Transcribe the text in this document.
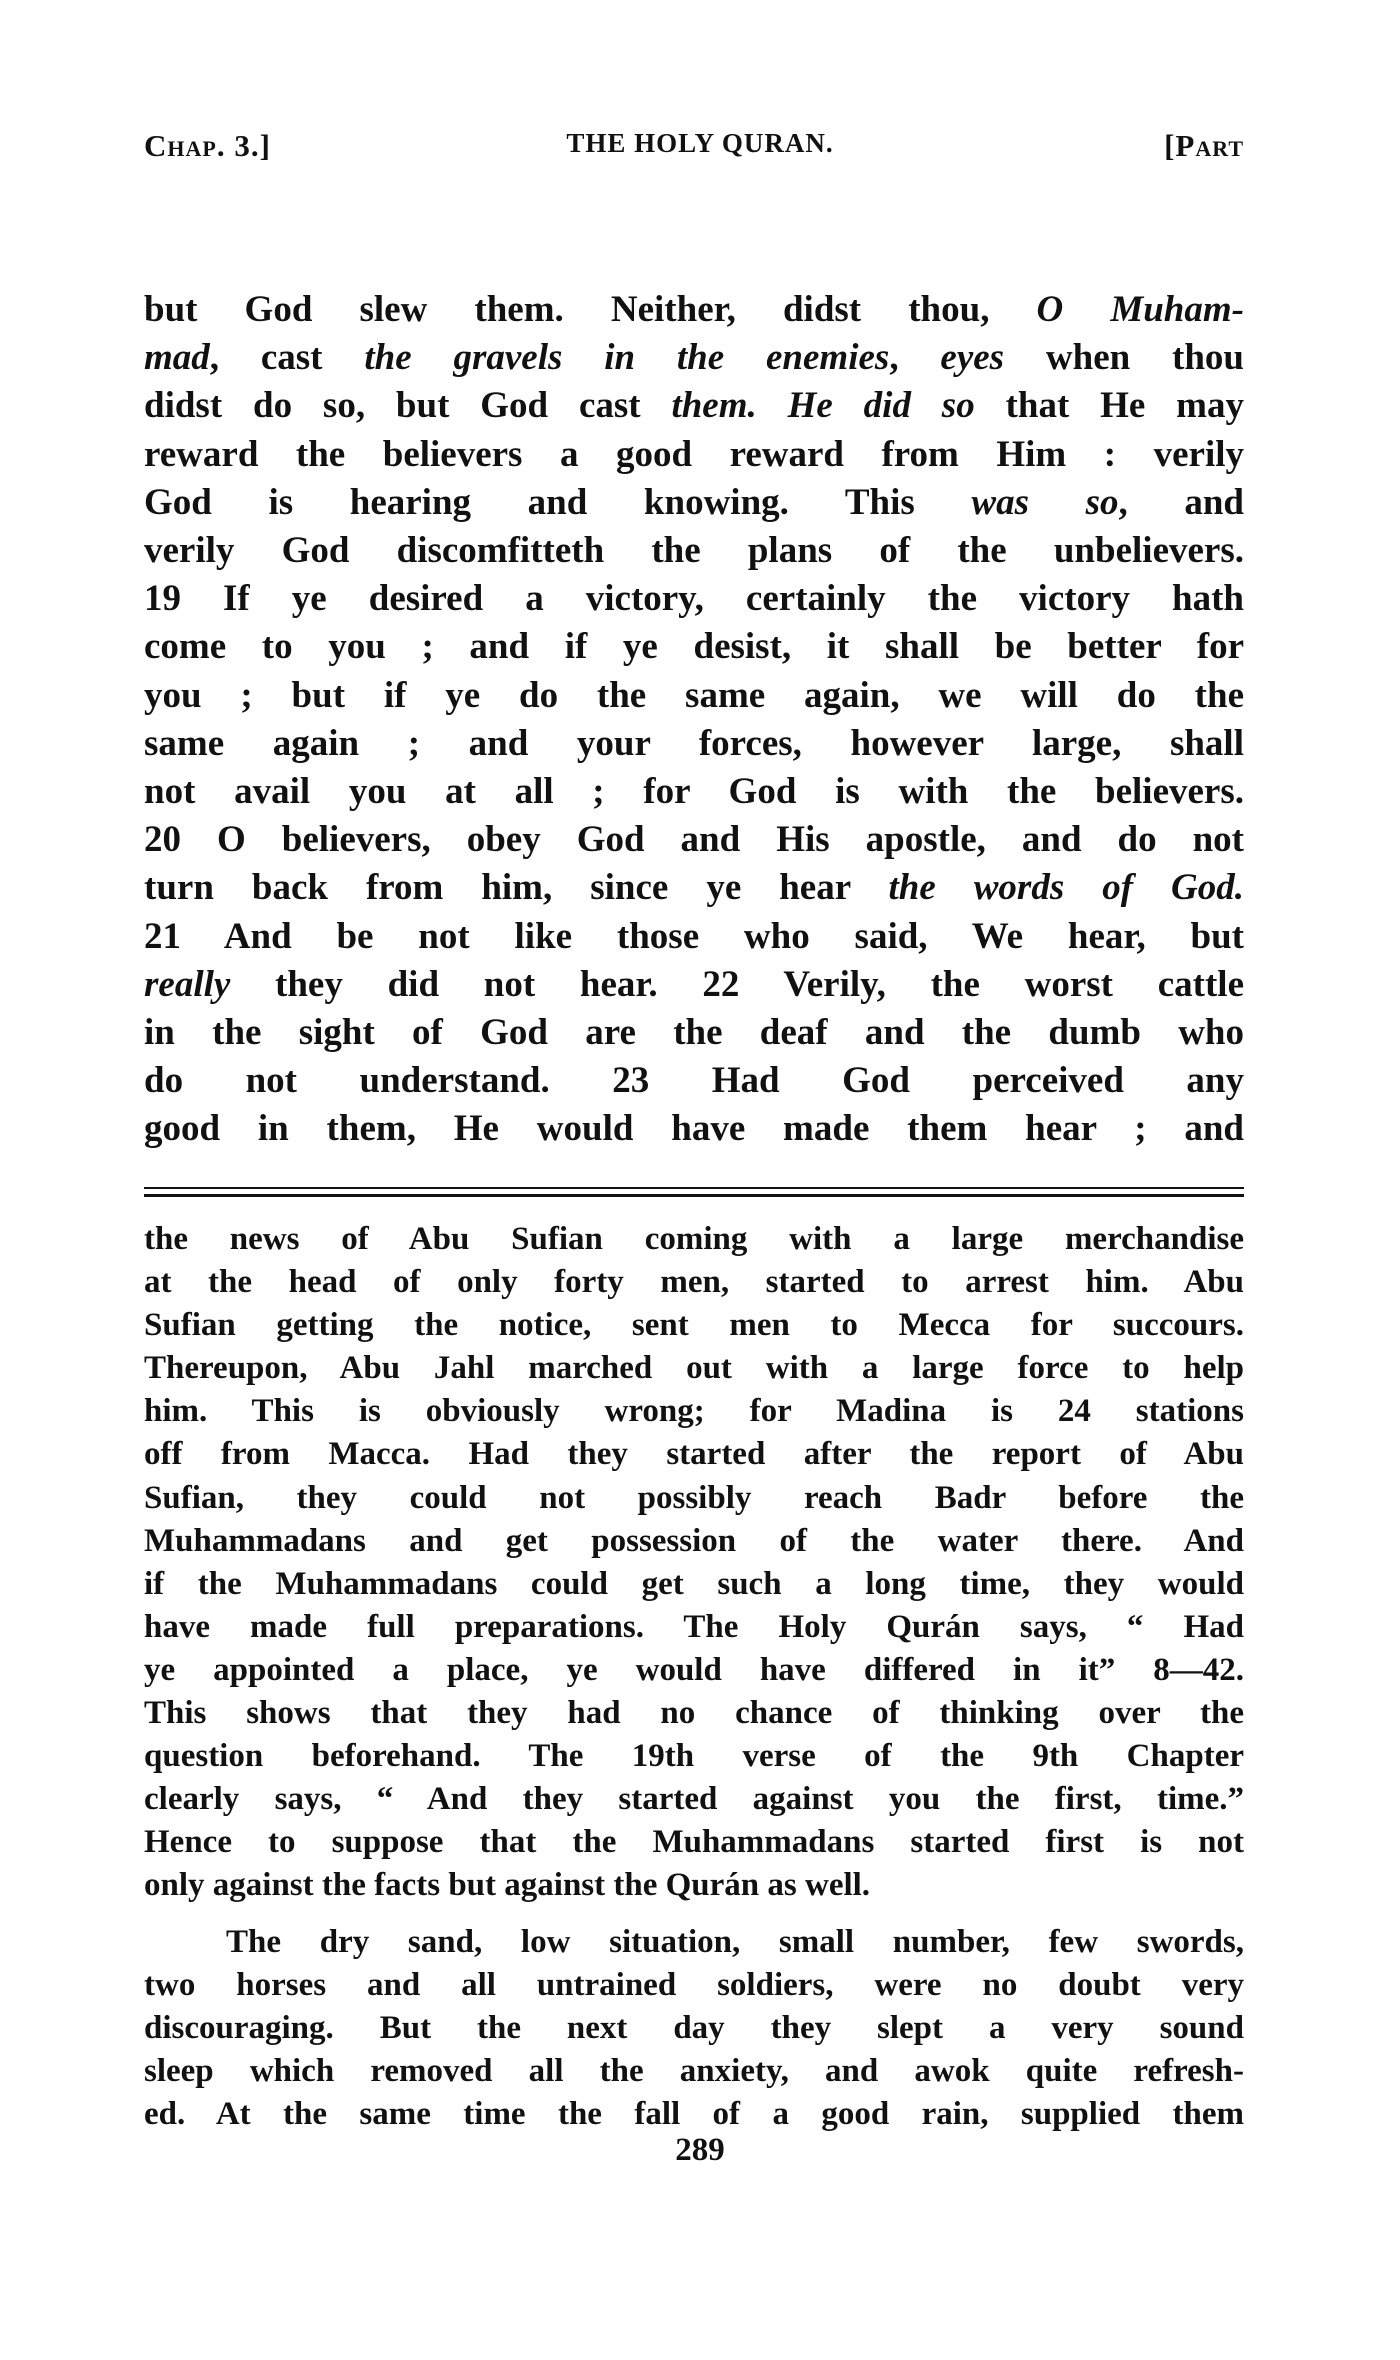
Chap. 3.]	THE HOLY QURAN.	[Part
but God slew them. Neither, didst thou, O Muham-
mad, cast the gravels in the enemies, eyes when thou
didst do so, but God cast them. He did so that He may
reward the believers a good reward from Him : verily
God is hearing and knowing. This was so, and
verily God discomfitteth the plans of the unbelievers.
19 If ye desired a victory, certainly the victory hath
come to you ; and if ye desist, it shall be better for
you ; but if ye do the same again, we will do the
same again ; and your forces, however large, shall
not avail you at all ; for God is with the believers.
20 O believers, obey God and His apostle, and do not
turn back from him, since ye hear the words of God.
21 And be not like those who said, We hear, but
really they did not hear. 22 Verily, the worst cattle
in the sight of God are the deaf and the dumb who
do not understand. 23 Had God perceived any
good in them, He would have made them hear ; and
the news of Abu Sufian coming with a large merchandise
at the head of only forty men, started to arrest him. Abu
Sufian getting the notice, sent men to Mecca for succours.
Thereupon, Abu Jahl marched out with a large force to help
him. This is obviously wrong; for Madina is 24 stations
off from Macca. Had they started after the report of Abu
Sufian, they could not possibly reach Badr before the
Muhammadans and get possession of the water there. And
if the Muhammadans could get such a long time, they would
have made full preparations. The Holy Qurán says, “ Had
ye appointed a place, ye would have differed in it” 8—42.
This shows that they had no chance of thinking over the
question beforehand. The 19th verse of the 9th Chapter
clearly says, “ And they started against you the first, time.”
Hence to suppose that the Muhammadans started first is not
only against the facts but against the Qurán as well.
The dry sand, low situation, small number, few swords,
two horses and all untrained soldiers, were no doubt very
discouraging. But the next day they slept a very sound
sleep which removed all the anxiety, and awok quite refresh-
ed. At the same time the fall of a good rain, supplied them
289
